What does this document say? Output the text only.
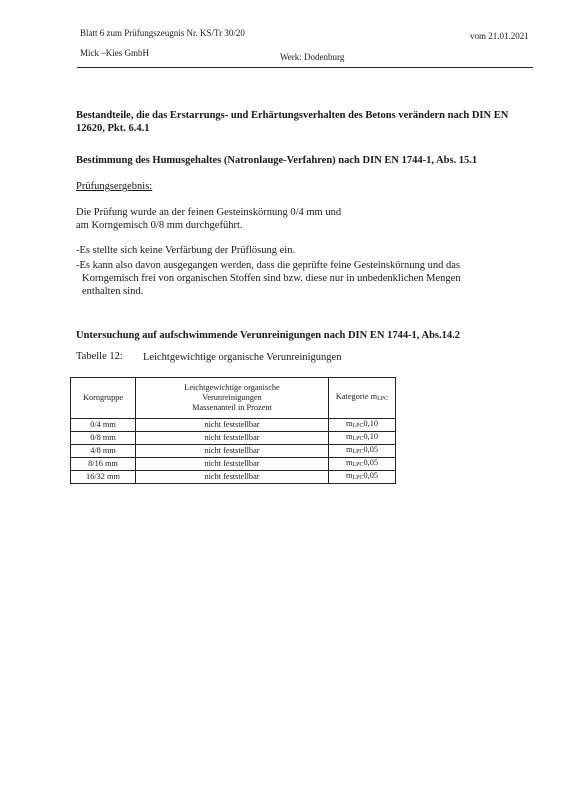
Blatt 6 zum Prüfungszeugnis Nr. KS/Tr 30/20	vom 21.01.2021
Mick –Kies GmbH	Werk: Dodenburg
Bestandteile, die das Erstarrungs- und Erhärtungsverhalten des Betons verändern nach DIN EN 12620, Pkt. 6.4.1
Bestimmung des Humusgehaltes (Natronlauge-Verfahren) nach DIN EN 1744-1, Abs. 15.1
Prüfungsergebnis:
Die Prüfung wurde an der feinen Gesteinskörnung 0/4 mm und
am Korngemisch 0/8 mm durchgeführt.
-Es stellte sich keine Verfärbung der Prüflösung ein.
-Es kann also davon ausgegangen werden, dass die geprüfte feine Gesteinskörnung und das
Korngemisch frei von organischen Stoffen sind bzw. diese nur in unbedenklichen Mengen
enthalten sind.
Untersuchung auf aufschwimmende Verunreinigungen nach DIN EN 1744-1, Abs.14.2
Tabelle 12: Leichtgewichtige organische Verunreinigungen
Korngruppe	Leichtgewichtige organische
Verunreinigungen
Massenanteil in Prozent	Kategorie $m_{LPC}$
0/4 mm	nicht feststellbar	$m_{LPC}0,10$
0/8 mm	nicht feststellbar	$m_{LPC}0,10$
4/8 mm	nicht feststellbar	$m_{LPC}0,05$
8/16 mm	nicht feststellbar	$m_{LPC}0,05$
16/32 mm	nicht feststellbar	$m_{LPC}0,05$
